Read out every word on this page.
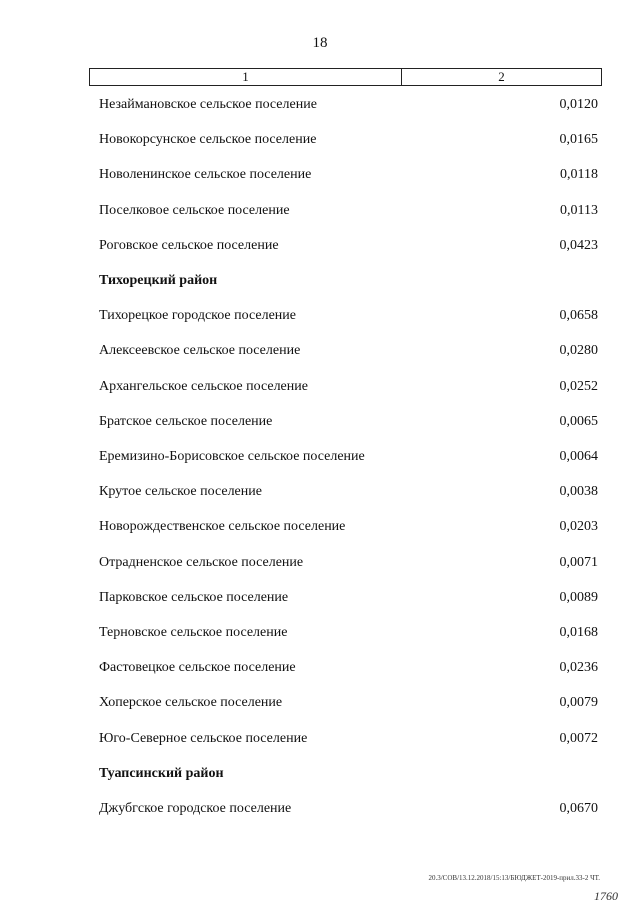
18
1	2
Незаймановское сельское поселение	0,0120
Новокорсунское сельское поселение	0,0165
Новоленинское сельское поселение	0,0118
Поселковое сельское поселение	0,0113
Роговское сельское поселение	0,0423
Тихорецкий район
Тихорецкое городское поселение	0,0658
Алексеевское сельское поселение	0,0280
Архангельское сельское поселение	0,0252
Братское сельское поселение	0,0065
Еремизино-Борисовское сельское поселение	0,0064
Крутое сельское поселение	0,0038
Новорождественское сельское поселение	0,0203
Отрадненское сельское поселение	0,0071
Парковское сельское поселение	0,0089
Терновское сельское поселение	0,0168
Фастовецкое сельское поселение	0,0236
Хоперское сельское поселение	0,0079
Юго-Северное сельское поселение	0,0072
Туапсинский район
Джубгское городское поселение	0,0670
20.3/СОВ/13.12.2018/15:13/БЮДЖЕТ-2019-прил.33-2 ЧТ.
1760
